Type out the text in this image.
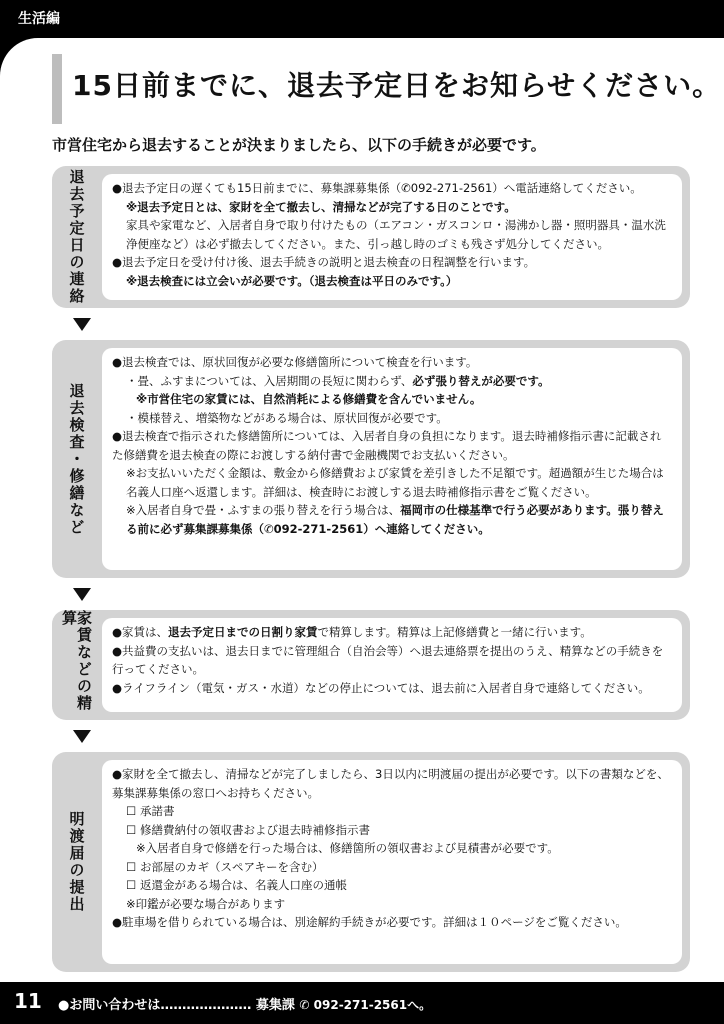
生活編
15日前までに、退去予定日をお知らせください。
市営住宅から退去することが決まりましたら、以下の手続きが必要です。
退去予定日の連絡 ●退去予定日の遅くても15日前までに、募集課募集係（✆092-271-2561）へ電話連絡してください。

※退去予定日とは、家財を全て撤去し、清掃などが完了する日のことです。

家具や家電など、入居者自身で取り付けたもの（エアコン・ガスコンロ・湯沸かし器・照明器具・温水洗浄便座など）は必ず撤去してください。また、引っ越し時のゴミも残さず処分してください。

●退去予定日を受け付け後、退去手続きの説明と退去検査の日程調整を行います。

※退去検査には立会いが必要です。（退去検査は平日のみです。）

退去検査・修繕など

●退去検査では、原状回復が必要な修繕箇所について検査を行います。

・畳、ふすまについては、入居期間の長短に関わらず、必ず張り替えが必要です。

※市営住宅の家賃には、自然消耗による修繕費を含んでいません。

・模様替え、増築物などがある場合は、原状回復が必要です。

●退去検査で指示された修繕箇所については、入居者自身の負担になります。退去時補修指示書に記載された修繕費を退去検査の際にお渡しする納付書で金融機関でお支払いください。

※お支払いいただく金額は、敷金から修繕費および家賃を差引きした不足額です。超過額が生じた場合は名義人口座へ返還します。詳細は、検査時にお渡しする退去時補修指示書をご覧ください。

※入居者自身で畳・ふすまの張り替えを行う場合は、福岡市の仕様基準で行う必要があります。張り替える前に必ず募集課募集係（✆092-271-2561）へ連絡してください。

家賃などの精算

●家賃は、退去予定日までの日割り家賃で精算します。精算は上記修繕費と一緒に行います。

●共益費の支払いは、退去日までに管理組合（自治会等）へ退去連絡票を提出のうえ、精算などの手続きを行ってください。

●ライフライン（電気・ガス・水道）などの停止については、退去前に入居者自身で連絡してください。

明渡届の提出

●家財を全て撤去し、清掃などが完了しましたら、3日以内に明渡届の提出が必要です。以下の書類などを、募集課募集係の窓口へお持ちください。

☐ 承諾書

☐ 修繕費納付の領収書および退去時補修指示書

※入居者自身で修繕を行った場合は、修繕箇所の領収書および見積書が必要です。

☐ お部屋のカギ（スペアキーを含む）

☐ 返還金がある場合は、名義人口座の通帳

※印鑑が必要な場合があります

●駐車場を借りられている場合は、別途解約手続きが必要です。詳細は１０ページをご覧ください。

11 ●お問い合わせは………………… 募集課 ✆ 092-271-2561へ。
